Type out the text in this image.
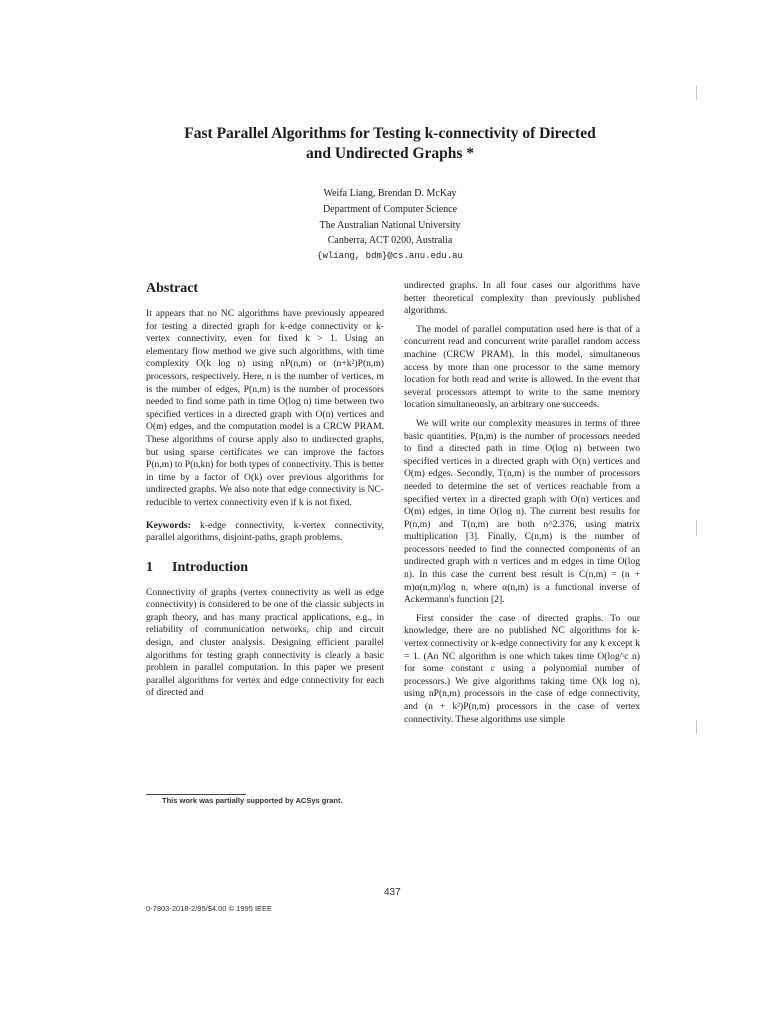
Fast Parallel Algorithms for Testing k-connectivity of Directed
and Undirected Graphs *
Weifa Liang, Brendan D. McKay
Department of Computer Science
The Australian National University
Canberra, ACT 0200, Australia
{wliang, bdm}@cs.anu.edu.au
Abstract

It appears that no NC algorithms have previously appeared for testing a directed graph for k-edge connectivity or k-vertex connectivity, even for fixed k > 1. Using an elementary flow method we give such algorithms, with time complexity O(k log n) using nP(n,m) or (n+k²)P(n,m) processors, respectively. Here, n is the number of vertices, m is the number of edges, P(n,m) is the number of processors needed to find some path in time O(log n) time between two specified vertices in a directed graph with O(n) vertices and O(m) edges, and the computation model is a CRCW PRAM. These algorithms of course apply also to undirected graphs, but using sparse certificates we can improve the factors P(n,m) to P(n,kn) for both types of connectivity. This is better in time by a factor of O(k) over previous algorithms for undirected graphs. We also note that edge connectivity is NC-reducible to vertex connectivity even if k is not fixed.

Keywords: k-edge connectivity, k-vertex connectivity, parallel algorithms, disjoint-paths, graph problems.

1 Introduction

Connectivity of graphs (vertex connectivity as well as edge connectivity) is considered to be one of the classic subjects in graph theory, and has many practical applications, e.g., in reliability of communication networks, chip and circuit design, and cluster analysis. Designing efficient parallel algorithms for testing graph connectivity is clearly a basic problem in parallel computation. In this paper we present parallel algorithms for vertex and edge connectivity for each of directed and

undirected graphs. In all four cases our algorithms have better theoretical complexity than previously published algorithms.

The model of parallel computation used here is that of a concurrent read and concurrent write parallel random access machine (CRCW PRAM). In this model, simultaneous access by more than one processor to the same memory location for both read and write is allowed. In the event that several processors attempt to write to the same memory location simultaneously, an arbitrary one succeeds.

We will write our complexity measures in terms of three basic quantities. P(n,m) is the number of processors needed to find a directed path in time O(log n) between two specified vertices in a directed graph with O(n) vertices and O(m) edges. Secondly, T(n,m) is the number of processors needed to determine the set of vertices reachable from a specified vertex in a directed graph with O(n) vertices and O(m) edges, in time O(log n). The current best results for P(n,m) and T(n,m) are both n^2.376, using matrix multiplication [3]. Finally, C(n,m) is the number of processors needed to find the connected components of an undirected graph with n vertices and m edges in time O(log n). In this case the current best result is C(n,m) = (n + m)α(n,m)/log n, where α(n,m) is a functional inverse of Ackermann's function [2].

First consider the case of directed graphs. To our knowledge, there are no published NC algorithms for k-vertex connectivity or k-edge connectivity for any k except k = 1. (An NC algorithm is one which takes time O(log^c n) for some constant c using a polynomial number of processors.) We give algorithms taking time O(k log n), using nP(n,m) processors in the case of edge connectivity, and (n + k²)P(n,m) processors in the case of vertex connectivity. These algorithms use simple

This work was partially supported by ACSys grant.
437
0-7803-2018-2/95/$4.00 © 1995 IEEE
